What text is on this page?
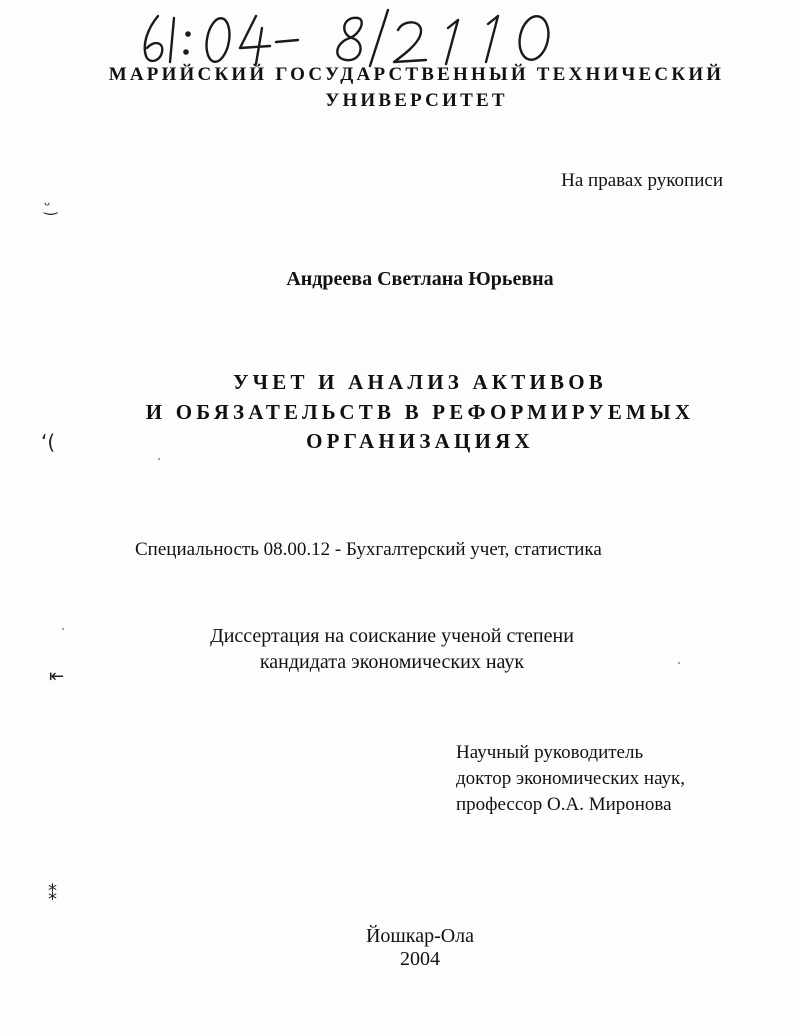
МАРИЙСКИЙ ГОСУДАРСТВЕННЫЙ ТЕХНИЧЕСКИЙ
УНИВЕРСИТЕТ
На правах рукописи
Андреева Светлана Юрьевна
УЧЕТ И АНАЛИЗ АКТИВОВ
И ОБЯЗАТЕЛЬСТВ В РЕФОРМИРУЕМЫХ
ОРГАНИЗАЦИЯХ
Специальность 08.00.12 - Бухгалтерский учет, статистика
Диссертация на соискание ученой степени
кандидата экономических наук
Научный руководитель
доктор экономических наук,
профессор О.А. Миронова
Йошкар-Ола
2004
ᵕ͜
ʻ(
⇤
⁑
